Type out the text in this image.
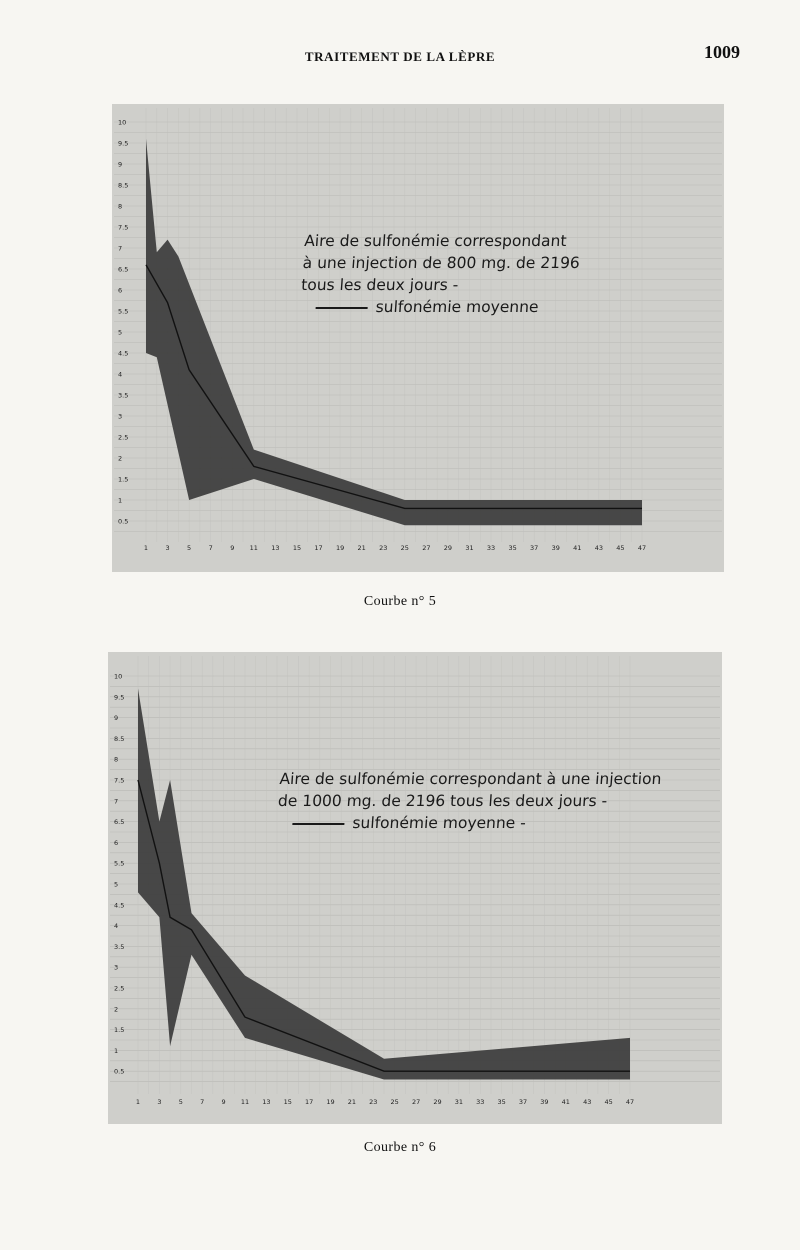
TRAITEMENT DE LA LÈPRE	1009
0.5
1
1.5
2
2.5
3
3.5
4
4.5
5
5.5
6
6.5
7
7.5
8
8.5
9
9.5
10
1	3	5	7	9 11 13 15 17 19 21 23 25 27 29 31 33 35 37 39 41 43 45 47
Aire de sulfonémie correspondant
à une injection de 800 mg. de 2196
tous les deux jours -
sulfonémie moyenne
Courbe n° 5
0.5
1
1.5
2
2.5
3
3.5
4
4.5
5
5.5
6
6.5
7
7.5
8
8.5
9
9.5
10
1	3	5	7	9 11 13 15 17 19 21 23 25 27 29 31 33 35 37 39 41 43 45 47
Aire de sulfonémie correspondant à une injection
de 1000 mg. de 2196 tous les deux jours -
sulfonémie moyenne -
Courbe n° 6
